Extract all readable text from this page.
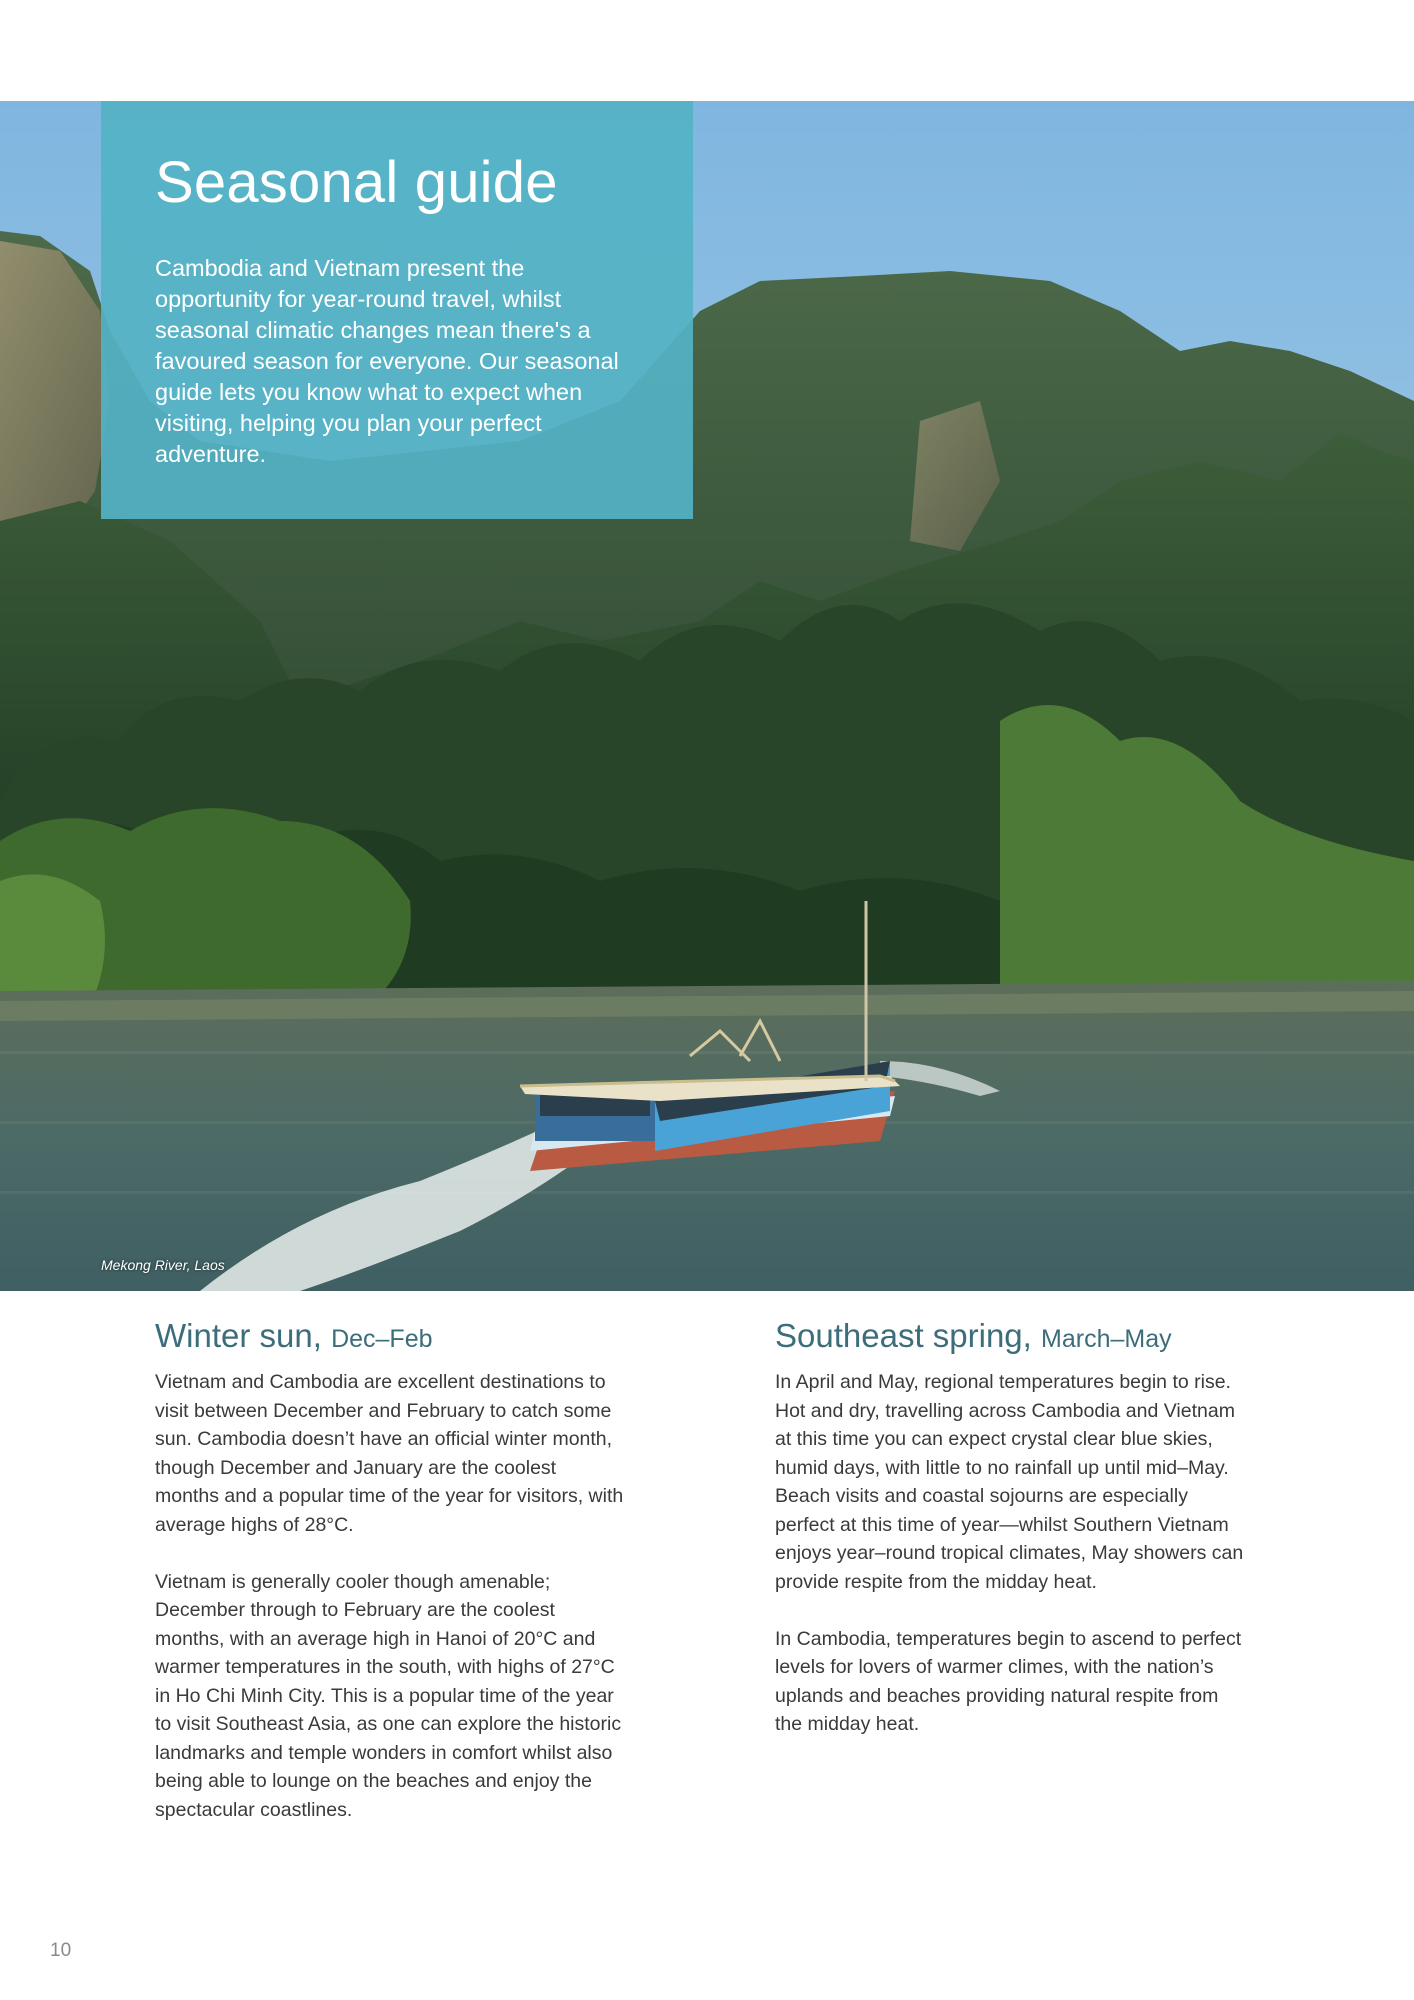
Seasonal guide

Cambodia and Vietnam present the opportunity for year-round travel, whilst seasonal climatic changes mean there's a favoured season for everyone. Our seasonal guide lets you know what to expect when visiting, helping you plan your perfect adventure.

Mekong River, Laos
Winter sun, Dec–Feb

Vietnam and Cambodia are excellent destinations to visit between December and February to catch some sun. Cambodia doesn’t have an official winter month, though December and January are the coolest months and a popular time of the year for visitors, with average highs of 28°C.

Vietnam is generally cooler though amenable; December through to February are the coolest months, with an average high in Hanoi of 20°C and warmer temperatures in the south, with highs of 27°C in Ho Chi Minh City. This is a popular time of the year to visit Southeast Asia, as one can explore the historic landmarks and temple wonders in comfort whilst also being able to lounge on the beaches and enjoy the spectacular coastlines.

Southeast spring, March–May

In April and May, regional temperatures begin to rise. Hot and dry, travelling across Cambodia and Vietnam at this time you can expect crystal clear blue skies, humid days, with little to no rainfall up until mid–May. Beach visits and coastal sojourns are especially perfect at this time of year—whilst Southern Vietnam enjoys year–round tropical climates, May showers can provide respite from the midday heat.

In Cambodia, temperatures begin to ascend to perfect levels for lovers of warmer climes, with the nation’s uplands and beaches providing natural respite from the midday heat.

10
